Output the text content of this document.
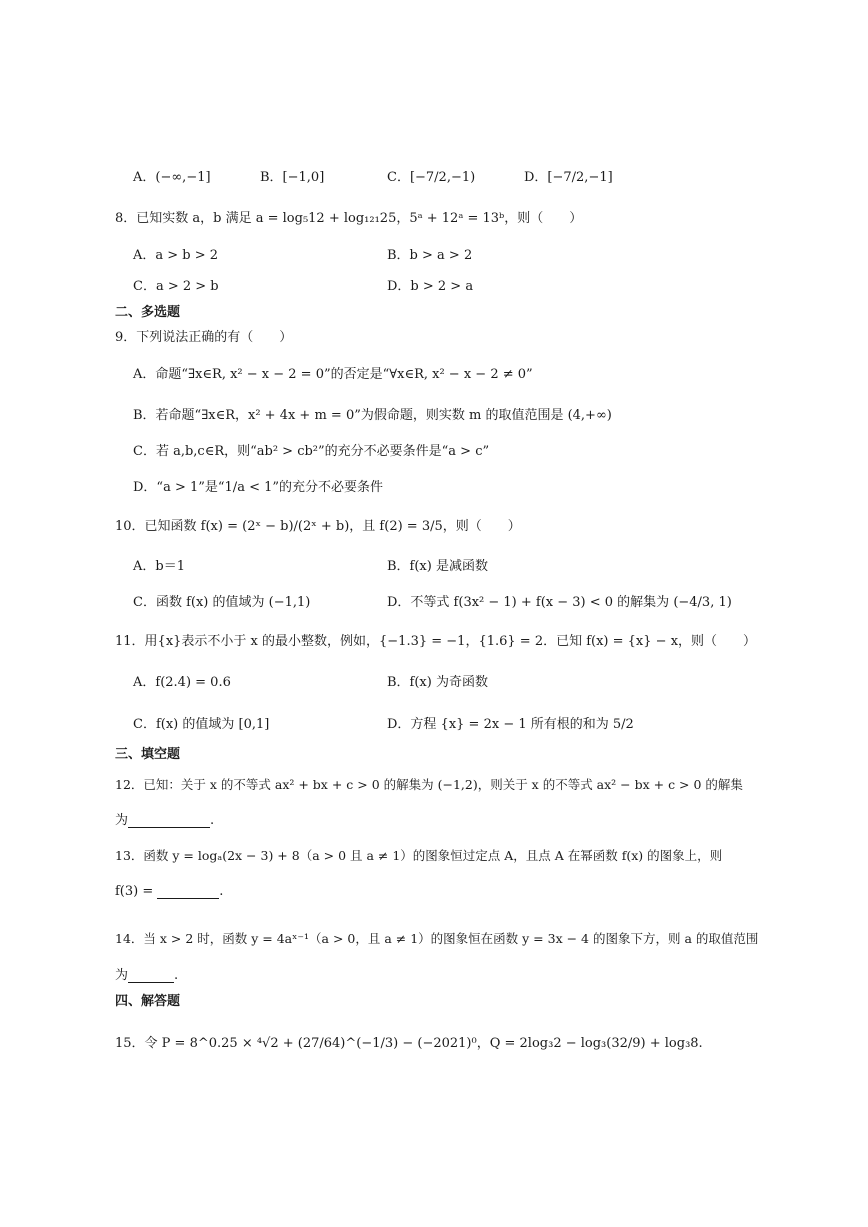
A．(−∞,−1]	B．[−1,0]	C．[−7/2,−1)	D．[−7/2,−1]
8．已知实数 a，b 满足 a = log₅12 + log₁₂₁25，5ᵃ + 12ᵃ = 13ᵇ，则（　　）
A．a > b > 2	B．b > a > 2
C．a > 2 > b	D．b > 2 > a
二、多选题
9．下列说法正确的有（　　）
A．命题“∃x∈R, x² − x − 2 = 0”的否定是“∀x∈R, x² − x − 2 ≠ 0”
B．若命题“∃x∈R，x² + 4x + m = 0”为假命题，则实数 m 的取值范围是 (4,+∞)
C．若 a,b,c∈R，则“ab² > cb²”的充分不必要条件是“a > c”
D．“a > 1”是“1/a < 1”的充分不必要条件
10．已知函数 f(x) = (2ˣ − b)/(2ˣ + b)，且 f(2) = 3/5，则（　　）
A．b＝1	B．f(x) 是减函数
C．函数 f(x) 的值域为 (−1,1)	D．不等式 f(3x² − 1) + f(x − 3) < 0 的解集为 (−4/3, 1)
11．用{x}表示不小于 x 的最小整数，例如，{−1.3} = −1，{1.6} = 2．已知 f(x) = {x} − x，则（　　）
A．f(2.4) = 0.6	B．f(x) 为奇函数
C．f(x) 的值域为 [0,1]	D．方程 {x} = 2x − 1 所有根的和为 5/2
三、填空题
12．已知：关于 x 的不等式 ax² + bx + c > 0 的解集为 (−1,2)，则关于 x 的不等式 ax² − bx + c > 0 的解集
为	.
13．函数 y = logₐ(2x − 3) + 8（a > 0 且 a ≠ 1）的图象恒过定点 A，且点 A 在幂函数 f(x) 的图象上，则
f(3) =	.
14．当 x > 2 时，函数 y = 4aˣ⁻¹（a > 0，且 a ≠ 1）的图象恒在函数 y = 3x − 4 的图象下方，则 a 的取值范围
为	.
四、解答题
15．令 P = 8^0.25 × ⁴√2 + (27/64)^(−1/3) − (−2021)⁰，Q = 2log₃2 − log₃(32/9) + log₃8.
